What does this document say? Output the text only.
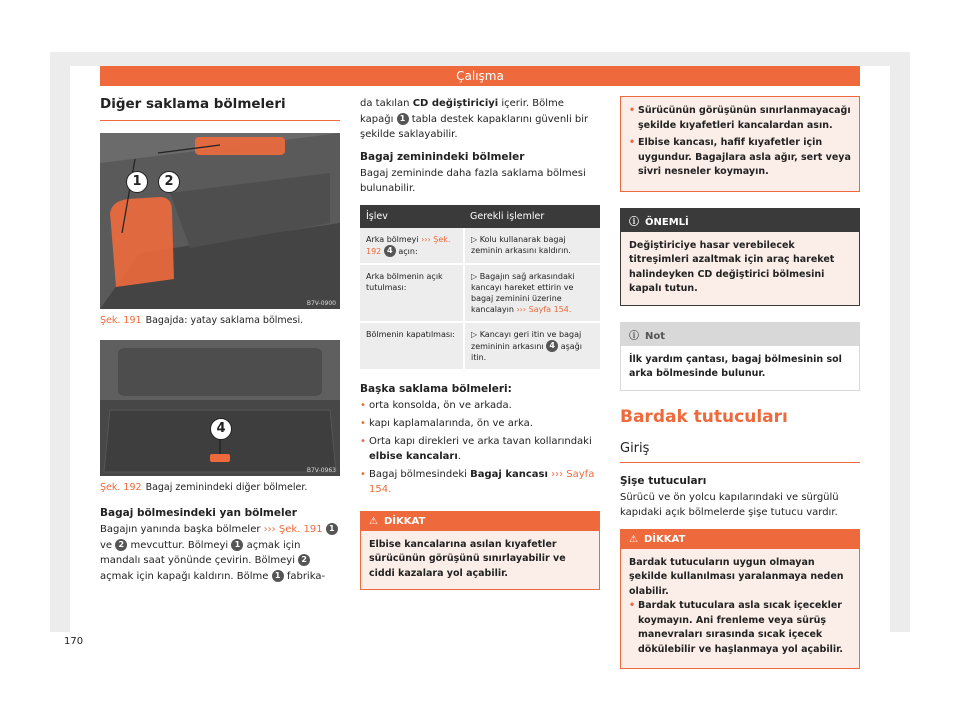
Çalışma
Diğer saklama bölmeleri
1	2
B7V-0900
Şek. 191 Bagajda: yatay saklama bölmesi.
4
B7V-0963
Şek. 192 Bagaj zeminindeki diğer bölmeler.
Bagaj bölmesindeki yan bölmeler

Bagajın yanında başka bölmeler ››› Şek. 191 1 ve 2 mevcuttur. Bölmeyi 1 açmak için mandalı saat yönünde çevirin. Bölmeyi 2 açmak için kapağı kaldırın. Bölme 1 fabrika-

da takılan CD değiştiriciyi içerir. Bölme kapağı 1 tabla destek kapaklarını güvenli bir şekilde saklayabilir.

Bagaj zeminindeki bölmeler

Bagaj zemininde daha fazla saklama bölmesi bulunabilir.

İşlev	Gerekli işlemler
Arka bölmeyi ››› Şek. 192 4 açın:	▷ Kolu kullanarak bagaj zeminin arkasını kaldırın.
Arka bölmenin açık tutulması:	▷ Bagajın sağ arkasındaki kancayı hareket ettirin ve bagaj zeminini üzerine kancalayın ››› Sayfa 154.
Bölmenin kapatılması:	▷ Kancayı geri itin ve bagaj zemininin arkasını 4 aşağı itin.
Başka saklama bölmeleri:
• orta konsolda, ön ve arkada.
• kapı kaplamalarında, ön ve arka.
• Orta kapı direkleri ve arka tavan kollarındaki elbise kancaları.
• Bagaj bölmesindeki Bagaj kancası ››› Sayfa 154.
⚠ DİKKAT
Elbise kancalarına asılan kıyafetler sürücünün görüşünü sınırlayabilir ve ciddi kazalara yol açabilir.
• Sürücünün görüşünün sınırlanmayacağı şekilde kıyafetleri kancalardan asın.
• Elbise kancası, hafif kıyafetler için uygundur. Bagajlara asla ağır, sert veya sivri nesneler koymayın.
ⓘ ÖNEMLİ
Değiştiriciye hasar verebilecek titreşimleri azaltmak için araç hareket halindeyken CD değiştirici bölmesini kapalı tutun.
ⓘ Not
İlk yardım çantası, bagaj bölmesinin sol arka bölmesinde bulunur.
Bardak tutucuları
Giriş
Şişe tutucuları

Sürücü ve ön yolcu kapılarındaki ve sürgülü kapıdaki açık bölmelerde şişe tutucu vardır.

⚠ DİKKAT
Bardak tutucuların uygun olmayan şekilde kullanılması yaralanmaya neden olabilir.
• Bardak tutuculara asla sıcak içecekler koymayın. Ani frenleme veya sürüş manevraları sırasında sıcak içecek dökülebilir ve haşlanmaya yol açabilir.
170
